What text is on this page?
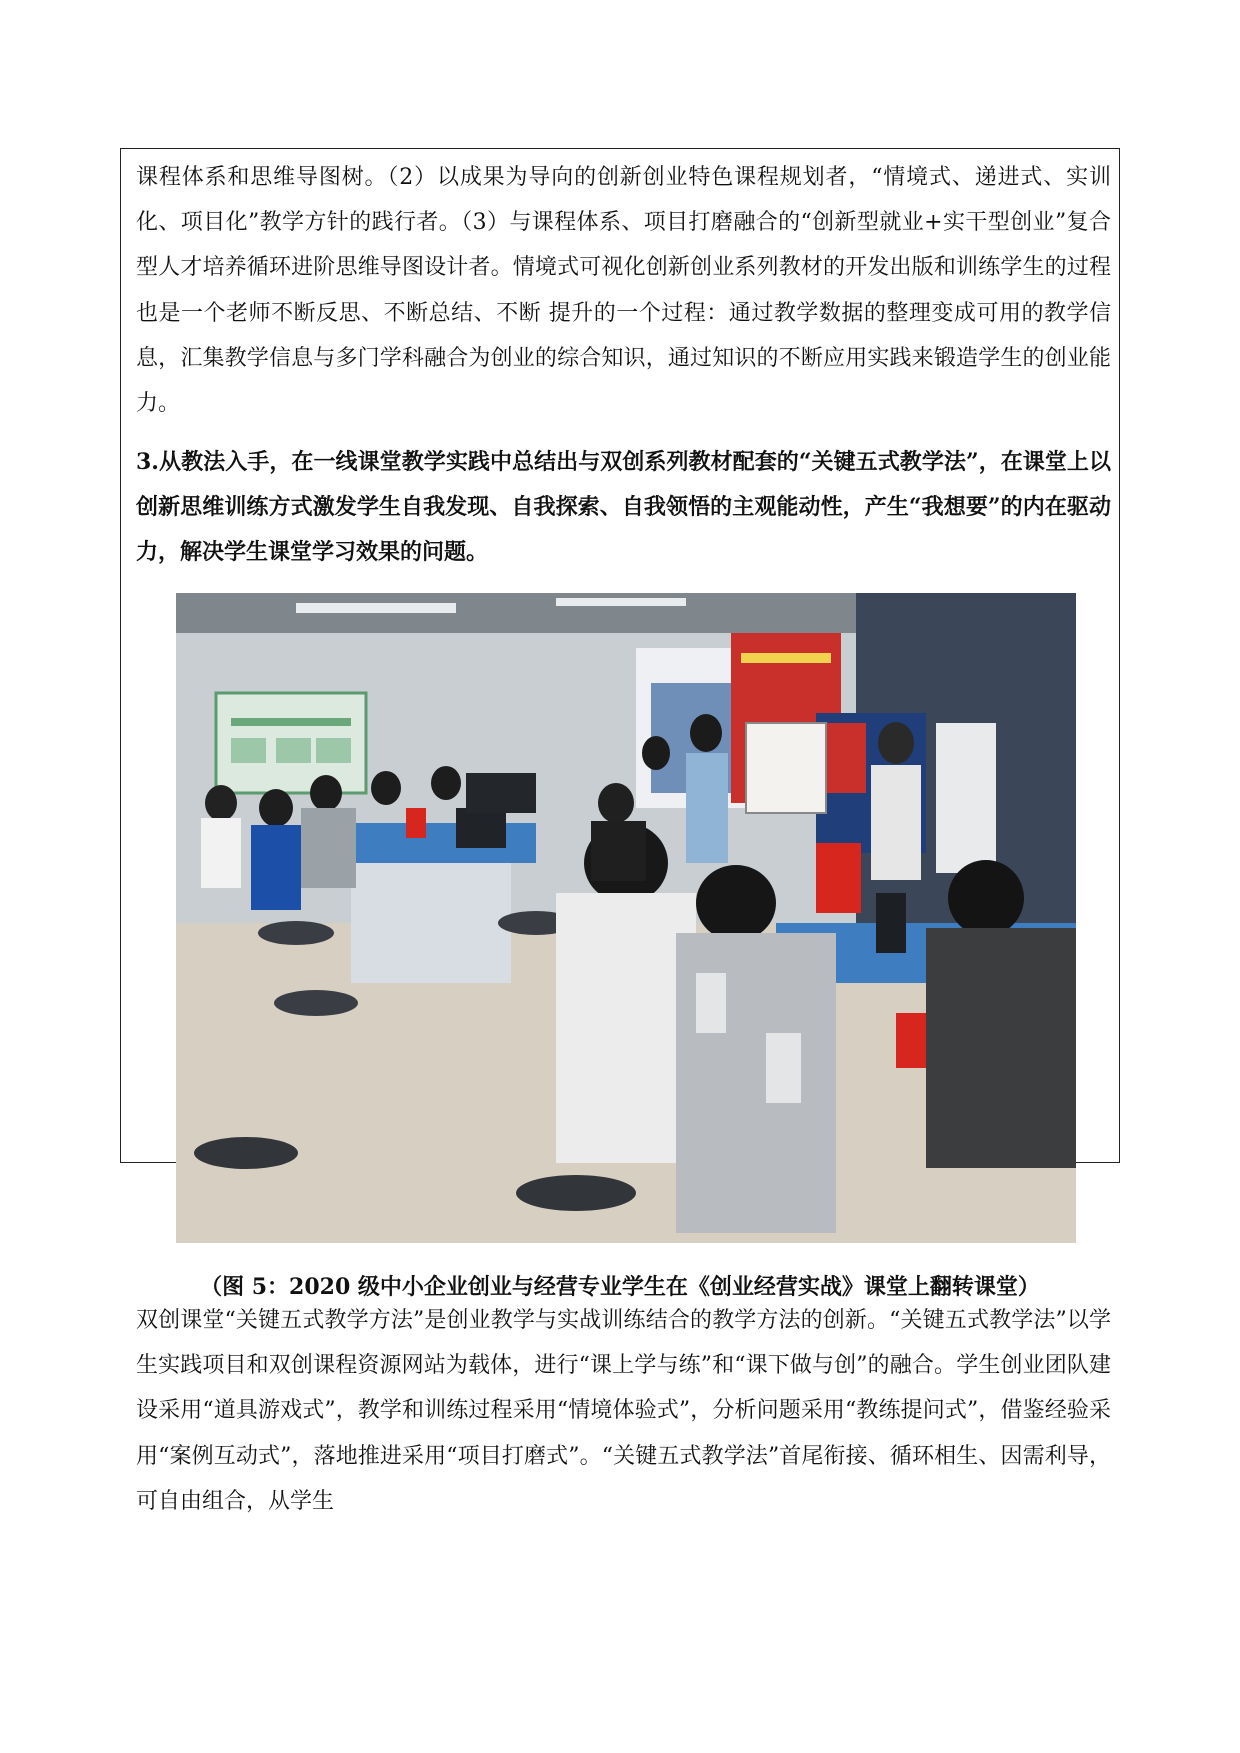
课程体系和思维导图树。（2）以成果为导向的创新创业特色课程规划者，“情境式、递进式、实训化、项目化”教学方针的践行者。（3）与课程体系、项目打磨融合的“创新型就业+实干型创业”复合型人才培养循环进阶思维导图设计者。情境式可视化创新创业系列教材的开发出版和训练学生的过程也是一个老师不断反思、不断总结、不断 提升的一个过程：通过教学数据的整理变成可用的教学信息，汇集教学信息与多门学科融合为创业的综合知识，通过知识的不断应用实践来锻造学生的创业能力。

3.从教法入手，在一线课堂教学实践中总结出与双创系列教材配套的“关键五式教学法”，在课堂上以创新思维训练方式激发学生自我发现、自我探索、自我领悟的主观能动性，产生“我想要”的内在驱动力，解决学生课堂学习效果的问题。

（图 5：2020 级中小企业创业与经营专业学生在《创业经营实战》课堂上翻转课堂）

双创课堂“关键五式教学方法”是创业教学与实战训练结合的教学方法的创新。“关键五式教学法”以学生实践项目和双创课程资源网站为载体，进行“课上学与练”和“课下做与创”的融合。学生创业团队建设采用“道具游戏式”，教学和训练过程采用“情境体验式”，分析问题采用“教练提问式”，借鉴经验采用“案例互动式”，落地推进采用“项目打磨式”。“关键五式教学法”首尾衔接、循环相生、因需利导，可自由组合，从学生
